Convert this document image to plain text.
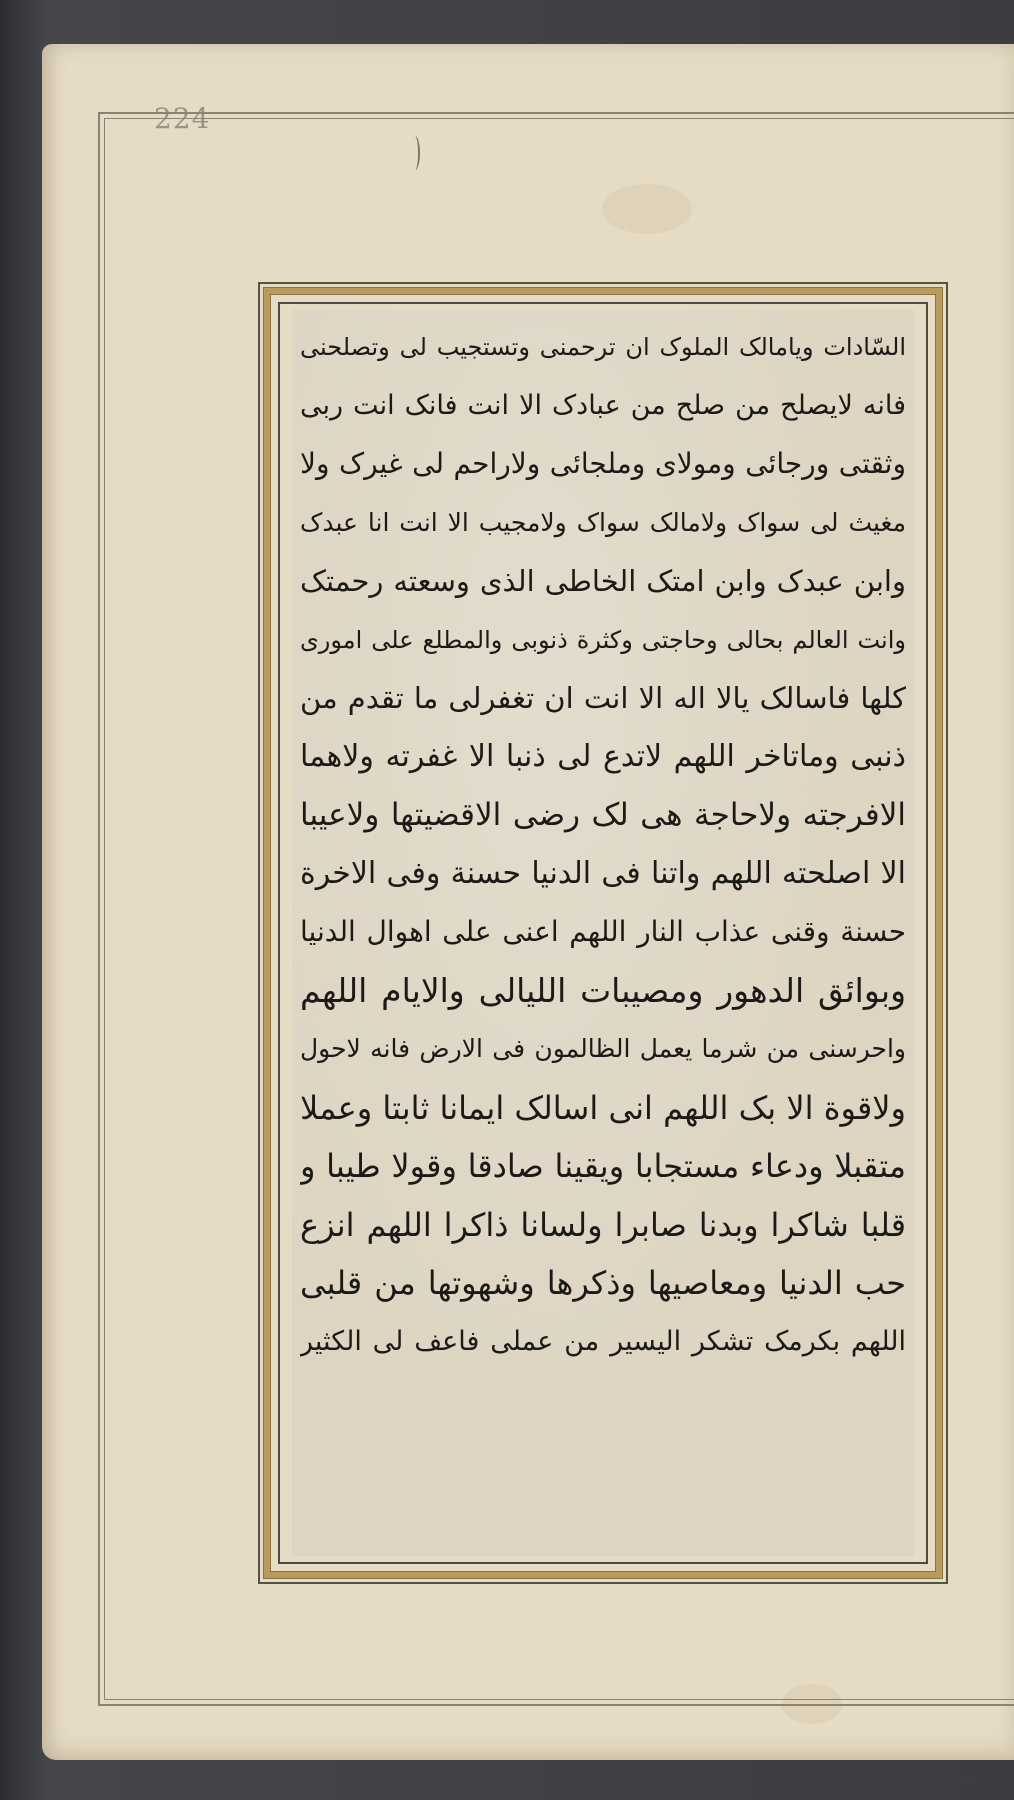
224
السّادات ویامالک الملوک ان ترحمنی وتستجیب لی وتصلحنی
فانه لایصلح من صلح من عبادک الا انت فانک انت ربی
وثقتی ورجائی ومولای وملجائی ولاراحم لی غیرک ولا
مغیث لی سواک ولامالک سواک ولامجیب الا انت انا عبدک
وابن عبدک وابن امتک الخاطی الذی وسعته رحمتک
وانت العالم بحالی وحاجتی وکثرة ذنوبی والمطلع علی اموری
کلها فاسالک یالا اله الا انت ان تغفرلی ما تقدم من
ذنبی وماتاخر اللهم لاتدع لی ذنبا الا غفرته ولاهما
الافرجته ولاحاجة هی لک رضی الاقضیتها ولاعیبا
الا اصلحته اللهم واتنا فی الدنیا حسنة وفی الاخرة
حسنة وقنی عذاب النار اللهم اعنی علی اهوال الدنیا
وبوائق الدهور ومصیبات اللیالی والایام اللهم
واحرسنی من شرما یعمل الظالمون فی الارض فانه لاحول
ولاقوة الا بک اللهم انی اسالک ایمانا ثابتا وعملا
متقبلا ودعاء مستجابا ویقینا صادقا وقولا طیبا و
قلبا شاکرا وبدنا صابرا ولسانا ذاکرا اللهم انزع
حب الدنیا ومعاصیها وذکرها وشهوتها من قلبی
اللهم بکرمک تشکر الیسیر من عملی فاعف لی الکثیر
